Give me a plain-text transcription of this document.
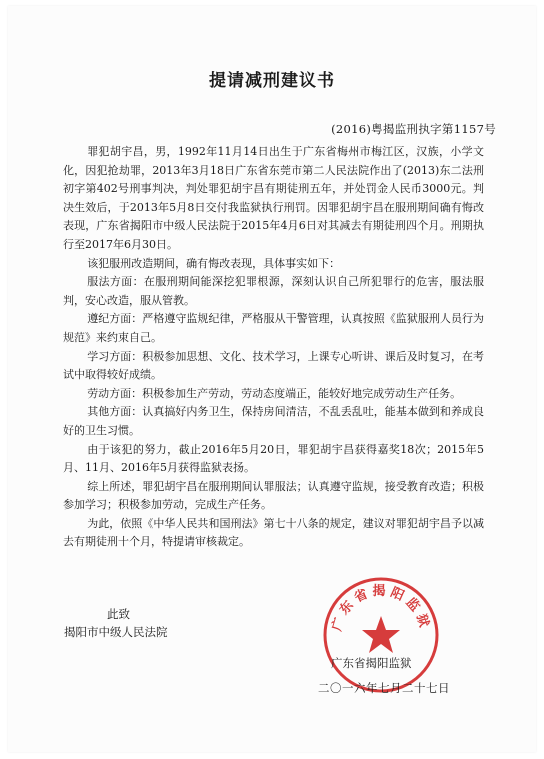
提请减刑建议书
(2016)粤揭监刑执字第1157号

罪犯胡宇昌，男，1992年11月14日出生于广东省梅州市梅江区，汉族，小学文化，因犯抢劫罪，2013年3月18日广东省东莞市第二人民法院作出了(2013)东二法刑初字第402号刑事判决，判处罪犯胡宇昌有期徒刑五年，并处罚金人民币3000元。判决生效后，于2013年5月8日交付我监狱执行刑罚。因罪犯胡宇昌在服刑期间确有悔改表现，广东省揭阳市中级人民法院于2015年4月6日对其减去有期徒刑四个月。刑期执行至2017年6月30日。

该犯服刑改造期间，确有悔改表现，具体事实如下：

服法方面：在服刑期间能深挖犯罪根源，深刻认识自己所犯罪行的危害，服法服判，安心改造，服从管教。

遵纪方面：严格遵守监规纪律，严格服从干警管理，认真按照《监狱服刑人员行为规范》来约束自己。

学习方面：积极参加思想、文化、技术学习，上课专心听讲、课后及时复习，在考试中取得较好成绩。

劳动方面：积极参加生产劳动，劳动态度端正，能较好地完成劳动生产任务。

其他方面：认真搞好内务卫生，保持房间清洁，不乱丢乱吐，能基本做到和养成良好的卫生习惯。

由于该犯的努力，截止2016年5月20日，罪犯胡宇昌获得嘉奖18次；2015年5月、11月、2016年5月获得监狱表扬。

综上所述，罪犯胡宇昌在服刑期间认罪服法；认真遵守监规，接受教育改造；积极参加学习；积极参加劳动，完成生产任务。

为此，依照《中华人民共和国刑法》第七十八条的规定，建议对罪犯胡宇昌予以减去有期徒刑十个月，特提请审核裁定。

此致
揭阳市中级人民法院	广东省揭阳监狱
广东省揭阳监狱
二〇一六年七月二十七日
